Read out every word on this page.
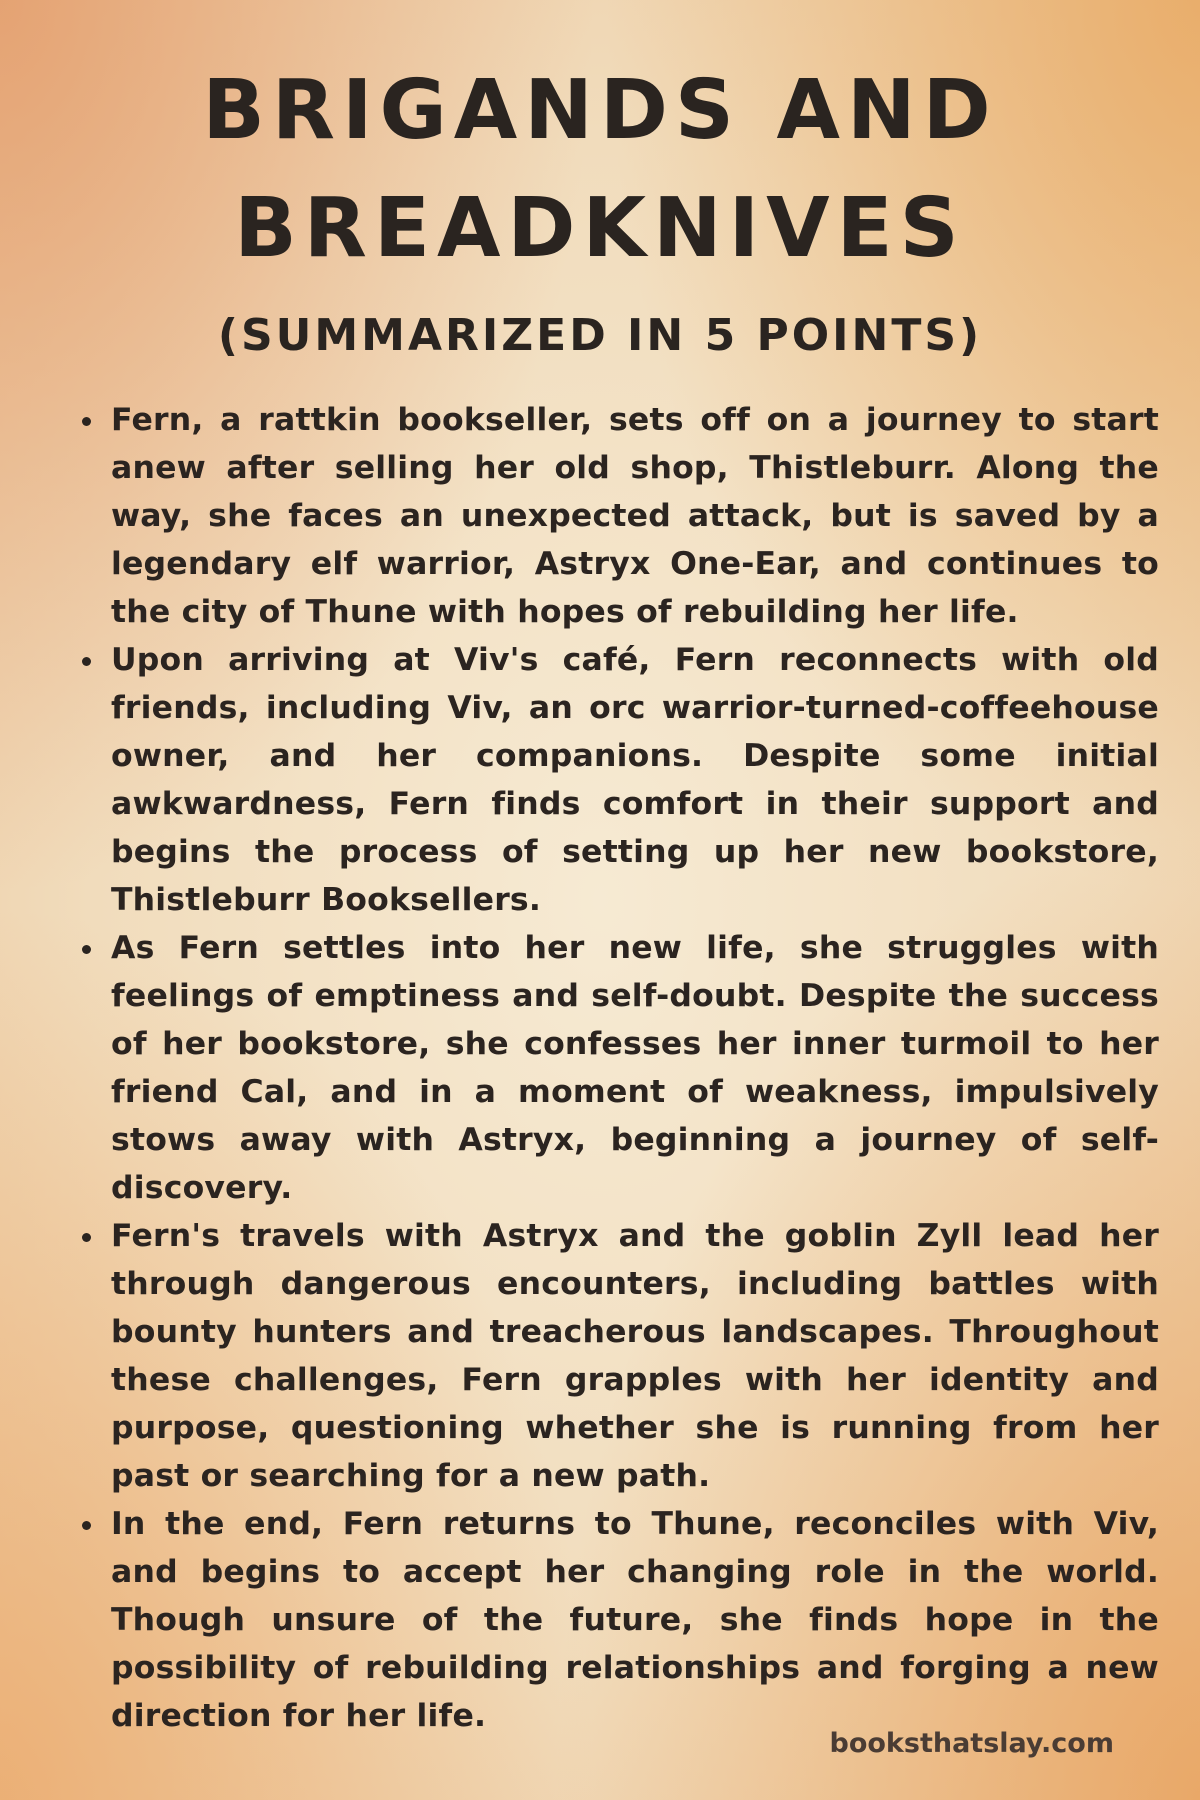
BRIGANDS AND
BREADKNIVES
(SUMMARIZED IN 5 POINTS)
Fern, a rattkin bookseller, sets off on a journey to start anew after selling her old shop, Thistleburr. Along the way, she faces an unexpected attack, but is saved by a legendary elf warrior, Astryx One-Ear, and continues to the city of Thune with hopes of rebuilding her life.
Upon arriving at Viv's café, Fern reconnects with old friends, including Viv, an orc warrior-turned-coffeehouse owner, and her companions. Despite some initial awkwardness, Fern finds comfort in their support and begins the process of setting up her new bookstore, Thistleburr Booksellers.
As Fern settles into her new life, she struggles with feelings of emptiness and self-doubt. Despite the success of her bookstore, she confesses her inner turmoil to her friend Cal, and in a moment of weakness, impulsively stows away with Astryx, beginning a journey of self-discovery.
Fern's travels with Astryx and the goblin Zyll lead her through dangerous encounters, including battles with bounty hunters and treacherous landscapes. Throughout these challenges, Fern grapples with her identity and purpose, questioning whether she is running from her past or searching for a new path.
In the end, Fern returns to Thune, reconciles with Viv, and begins to accept her changing role in the world. Though unsure of the future, she finds hope in the possibility of rebuilding relationships and forging a new direction for her life.
booksthatslay.com
